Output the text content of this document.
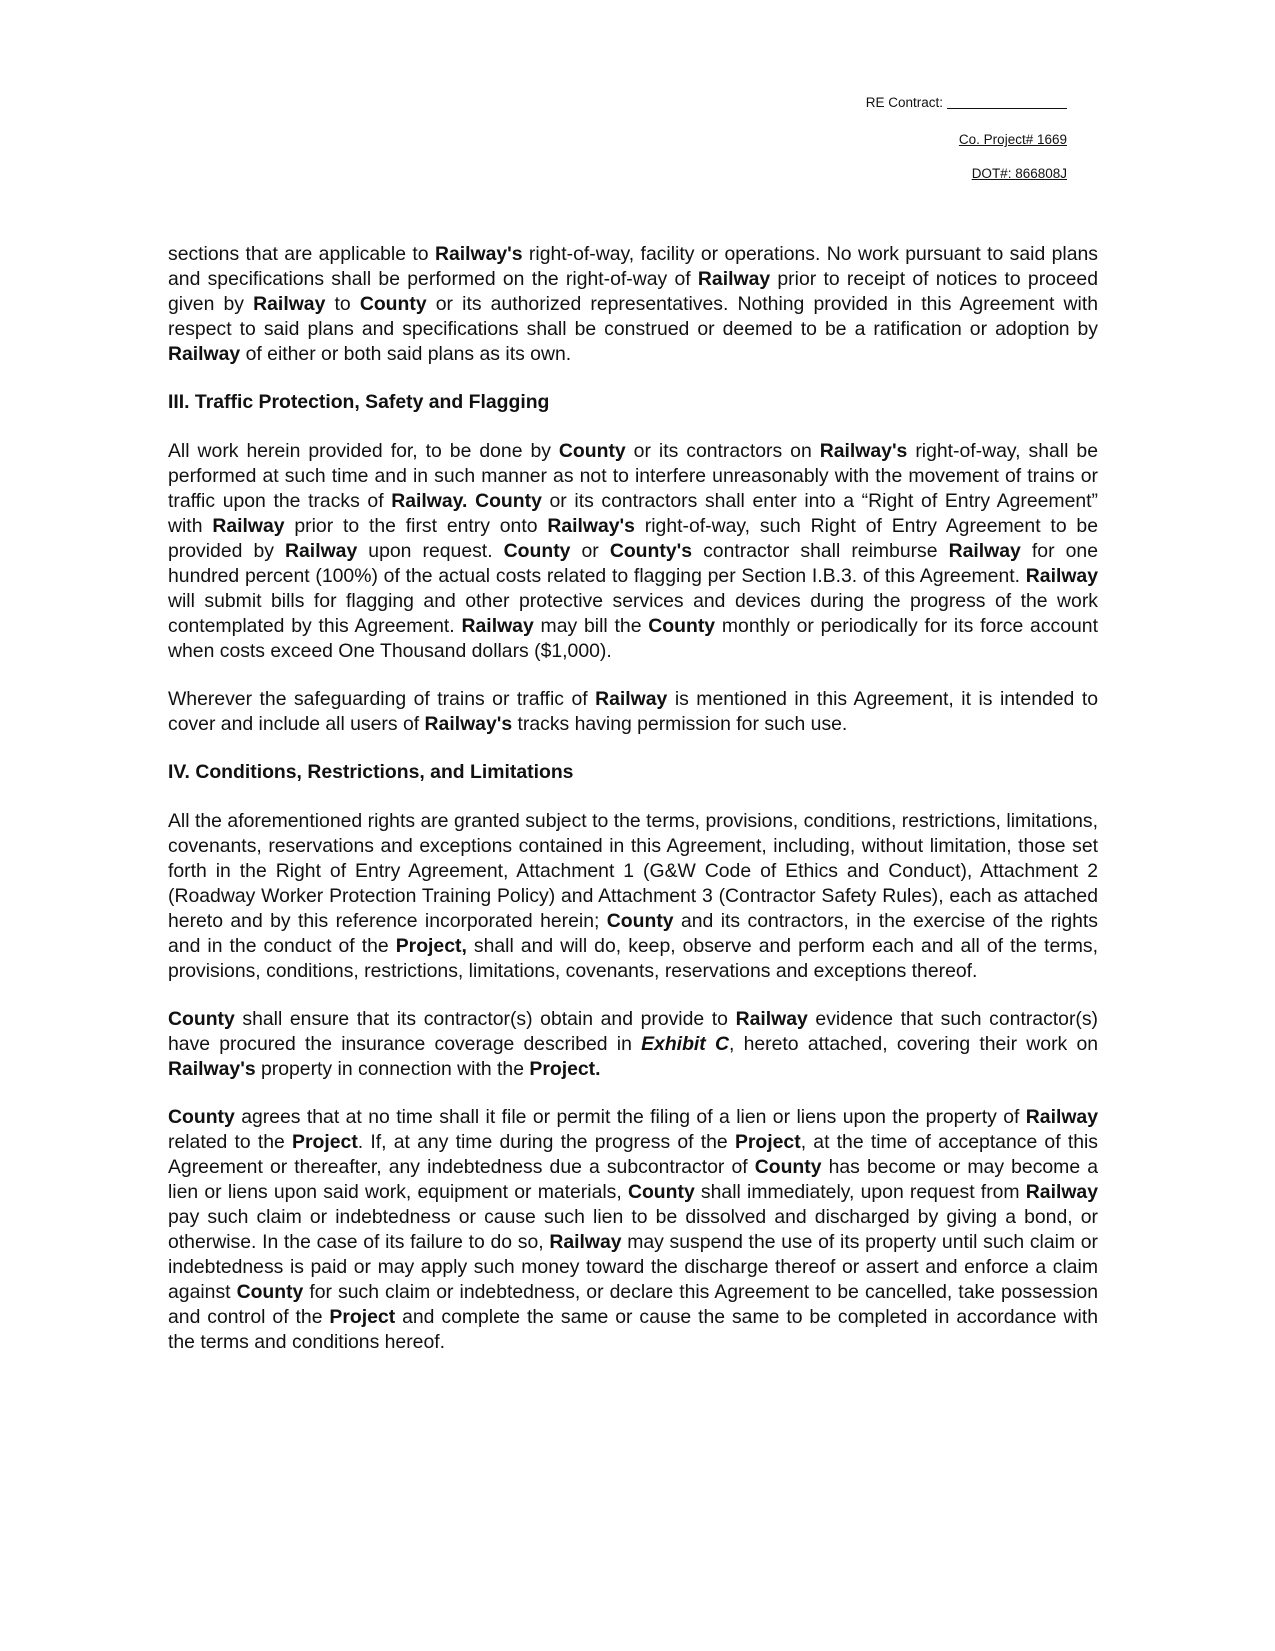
RE Contract:
Co. Project# 1669
DOT#: 866808J

sections that are applicable to Railway's right-of-way, facility or operations. No work pursuant to said plans and specifications shall be performed on the right-of-way of Railway prior to receipt of notices to proceed given by Railway to County or its authorized representatives. Nothing provided in this Agreement with respect to said plans and specifications shall be construed or deemed to be a ratification or adoption by Railway of either or both said plans as its own.

III. Traffic Protection, Safety and Flagging

All work herein provided for, to be done by County or its contractors on Railway's right-of-way, shall be performed at such time and in such manner as not to interfere unreasonably with the movement of trains or traffic upon the tracks of Railway. County or its contractors shall enter into a “Right of Entry Agreement” with Railway prior to the first entry onto Railway's right-of-way, such Right of Entry Agreement to be provided by Railway upon request. County or County's contractor shall reimburse Railway for one hundred percent (100%) of the actual costs related to flagging per Section I.B.3. of this Agreement. Railway will submit bills for flagging and other protective services and devices during the progress of the work contemplated by this Agreement. Railway may bill the County monthly or periodically for its force account when costs exceed One Thousand dollars ($1,000).

Wherever the safeguarding of trains or traffic of Railway is mentioned in this Agreement, it is intended to cover and include all users of Railway's tracks having permission for such use.

IV. Conditions, Restrictions, and Limitations

All the aforementioned rights are granted subject to the terms, provisions, conditions, restrictions, limitations, covenants, reservations and exceptions contained in this Agreement, including, without limitation, those set forth in the Right of Entry Agreement, Attachment 1 (G&W Code of Ethics and Conduct), Attachment 2 (Roadway Worker Protection Training Policy) and Attachment 3 (Contractor Safety Rules), each as attached hereto and by this reference incorporated herein; County and its contractors, in the exercise of the rights and in the conduct of the Project, shall and will do, keep, observe and perform each and all of the terms, provisions, conditions, restrictions, limitations, covenants, reservations and exceptions thereof.

County shall ensure that its contractor(s) obtain and provide to Railway evidence that such contractor(s) have procured the insurance coverage described in Exhibit C, hereto attached, covering their work on Railway's property in connection with the Project.

County agrees that at no time shall it file or permit the filing of a lien or liens upon the property of Railway related to the Project. If, at any time during the progress of the Project, at the time of acceptance of this Agreement or thereafter, any indebtedness due a subcontractor of County has become or may become a lien or liens upon said work, equipment or materials, County shall immediately, upon request from Railway pay such claim or indebtedness or cause such lien to be dissolved and discharged by giving a bond, or otherwise. In the case of its failure to do so, Railway may suspend the use of its property until such claim or indebtedness is paid or may apply such money toward the discharge thereof or assert and enforce a claim against County for such claim or indebtedness, or declare this Agreement to be cancelled, take possession and control of the Project and complete the same or cause the same to be completed in accordance with the terms and conditions hereof.
